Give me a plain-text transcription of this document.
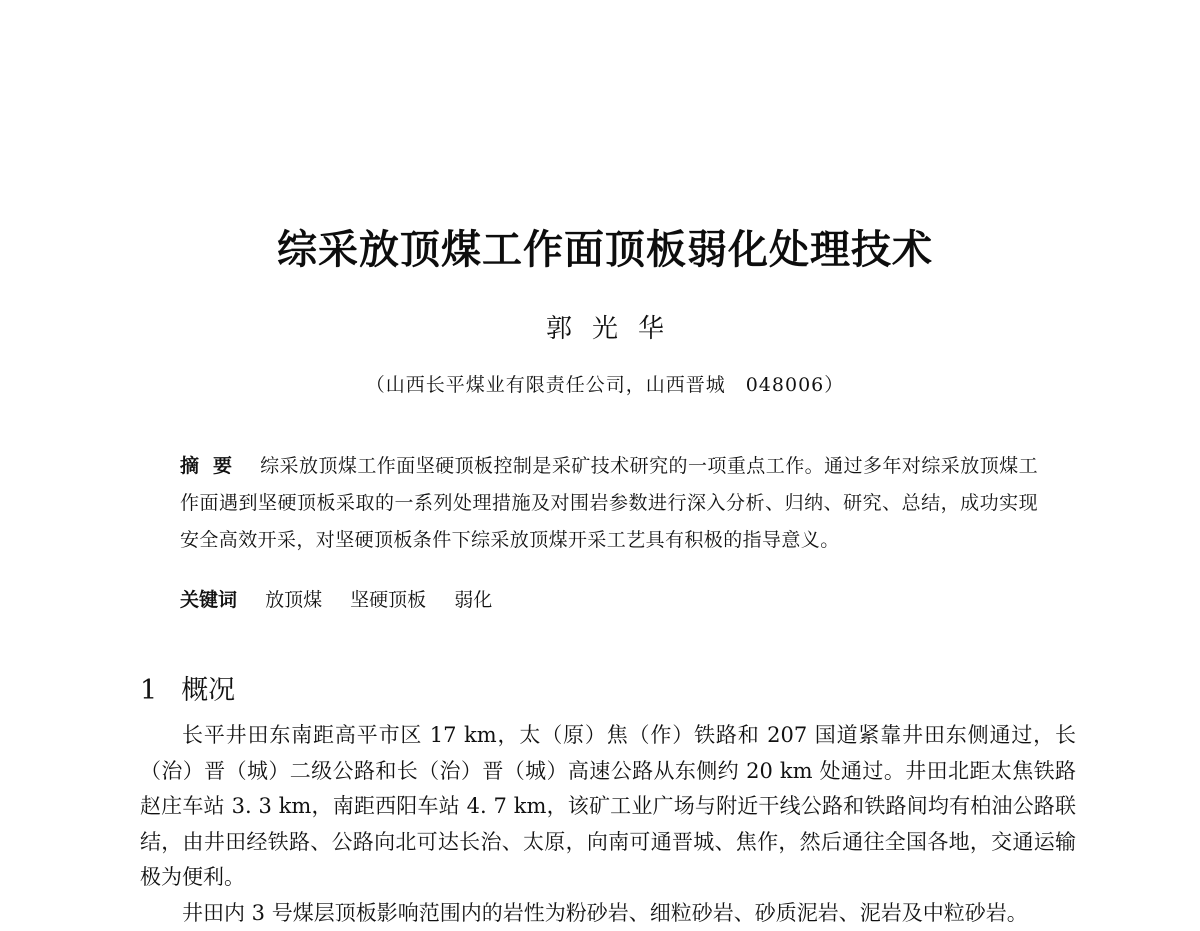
综采放顶煤工作面顶板弱化处理技术
郭光华
（山西长平煤业有限责任公司，山西晋城　048006）
摘要 综采放顶煤工作面坚硬顶板控制是采矿技术研究的一项重点工作。通过多年对综采放顶煤工作面遇到坚硬顶板采取的一系列处理措施及对围岩参数进行深入分析、归纳、研究、总结，成功实现安全高效开采，对坚硬顶板条件下综采放顶煤开采工艺具有积极的指导意义。
关键词 放顶煤 坚硬顶板 弱化
1 概况

长平井田东南距高平市区 17 km，太（原）焦（作）铁路和 207 国道紧靠井田东侧通过，长（治）晋（城）二级公路和长（治）晋（城）高速公路从东侧约 20 km 处通过。井田北距太焦铁路赵庄车站 3. 3 km，南距西阳车站 4. 7 km，该矿工业广场与附近干线公路和铁路间均有柏油公路联结，由井田经铁路、公路向北可达长治、太原，向南可通晋城、焦作，然后通往全国各地，交通运输极为便利。

井田内 3 号煤层顶板影响范围内的岩性为粉砂岩、细粒砂岩、砂质泥岩、泥岩及中粒砂岩。
